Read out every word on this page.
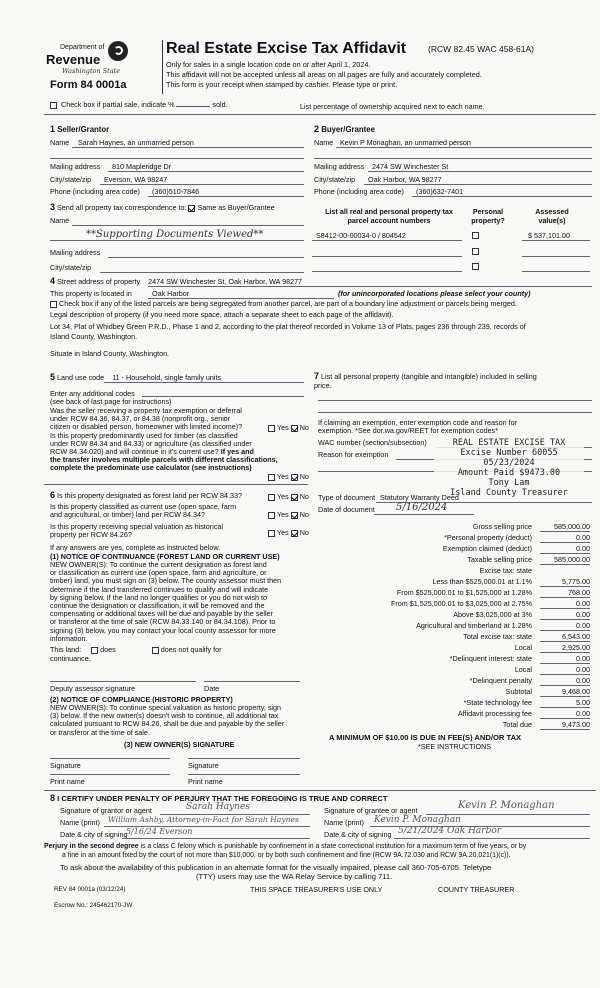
Department of
Revenue
Washington State
Form 84 0001a
Real Estate Excise Tax Affidavit	(RCW 82.45 WAC 458-61A)
Only for sales in a single location code on or after April 1, 2024.
This affidavit will not be accepted unless all areas on all pages are fully and accurately completed.
This form is your receipt when stamped by cashier. Please type or print.
Check box if partial sale, indicate %	sold.	List percentage of ownership acquired next to each name.
1 Seller/Grantor
Name Sarah Haynes, an unmarried person
Mailing address 810 Mapleridge Dr
City/state/zip Everson, WA 98247
Phone (including area code) (360)510-7846
2 Buyer/Grantee
Name Kevin P Monaghan, an unmarried person
Mailing address 2474 SW Winchester St
City/state/zip Oak Harbor, WA 98277
Phone (including area code) (360)632-7401
3 Send all property tax correspondence to: Same as Buyer/Grantee
Name
**Supporting Documents Viewed**
Mailing address
City/state/zip
List all real and personal property tax parcel account numbers
Personal property?
Assessed value(s)
S8412-00-00034-0 / 804542	$ 537,101.00
4 Street address of property 2474 SW Winchester St, Oak Harbor, WA 98277
This property is located in	Oak Harbor	(for unincorporated locations please select your county)
Check box if any of the listed parcels are being segregated from another parcel, are part of a boundary line adjustment or parcels being merged.
Legal description of property (if you need more space, attach a separate sheet to each page of the affidavit).
Lot 34, Plat of Whidbey Green P.R.D., Phase 1 and 2, according to the plat thereof recorded in Volume 13 of Plats, pages 236 through 239, records of
Island County, Washington.
Situate in Island County, Washington.
5 Land use code 11 - Household, single family units
Enter any additional codes
(see back of last page for instructions)
Was the seller receiving a property tax exemption or deferral
under RCW 84.36, 84.37, or 84.38 (nonprofit org., senior
citizen or disabled person, homeowner with limited income)?	Yes No
Is this property predominantly used for timber (as classified
under RCW 84.34 and 84.33) or agriculture (as classified under
RCW 84.34.020) and will continue in it's current use? If yes and
the transfer involves multiple parcels with different classifications,
complete the predominate use calculator (see instructions)
Yes No
6 Is this property designated as forest land per RCW 84.33?	Yes No
Is this property classified as current use (open space, farm
and agricultural, or timber) land per RCW 84.34?	Yes No
Is this property receiving special valuation as historical
property per RCW 84.26?	Yes No
If any answers are yes, complete as instructed below.
(1) NOTICE OF CONTINUANCE (FOREST LAND OR CURRENT USE)
NEW OWNER(S): To continue the current designation as forest land
or classification as current use (open space, farm and agriculture, or
timber) land, you must sign on (3) below. The county assessor must then
determine if the land transferred continues to qualify and will indicate
by signing below. If the land no longer qualifies or you do not wish to
continue the designation or classification, it will be removed and the
compensating or additional taxes will be due and payable by the seller
or transferor at the time of sale (RCW 84.33.140 or 84.34.108). Prior to
signing (3) below, you may contact your local county assessor for more
information.
This land:	does	does not qualify for
continuance.
Deputy assessor signature	Date
(2) NOTICE OF COMPLIANCE (HISTORIC PROPERTY)
NEW OWNER(S): To continue special valuation as historic property, sign
(3) below. If the new owner(s) doesn't wish to continue, all additional tax
calculated pursuant to RCW 84.26, shall be due and payable by the seller
or transferor at the time of sale.
(3) NEW OWNER(S) SIGNATURE
Signature	Signature
Print name	Print name
7 List all personal property (tangible and intangible) included in selling
price.
If claiming an exemption, enter exemption code and reason for
exemption. *See dor.wa.gov/REET for exemption codes*
WAC number (section/subsection)
Reason for exemption
REAL ESTATE EXCISE TAX
Excise Number 60055
05/23/2024
Amount Paid $9473.00
Tony Lam
Island County Treasurer
Type of document Statutory Warranty Deed
Date of document 5/16/2024
Gross selling price	585,000.00
*Personal property (deduct)	0.00
Exemption claimed (deduct)	0.00
Taxable selling price	585,000.00
Excise tax: state
Less than $525,000.01 at 1.1%	5,775.00
From $525,000.01 to $1,525,000 at 1.28%	768.00
From $1,525,000.01 to $3,025,000 at 2.75%	0.00
Above $3,025,000 at 3%	0.00
Agricultural and timberland at 1.28%	0.00
Total excise tax: state	6,543.00
Local	2,925.00
*Delinquent interest: state	0.00
Local	0.00
*Delinquent penalty	0.00
Subtotal	9,468.00
*State technology fee	5.00
Affidavit processing fee	0.00
Total due	9,473.00
A MINIMUM OF $10.00 IS DUE IN FEE(S) AND/OR TAX
*SEE INSTRUCTIONS
8 I CERTIFY UNDER PENALTY OF PERJURY THAT THE FOREGOING IS TRUE AND CORRECT
Signature of grantor or agent	Sarah Haynes
Name (print) William Ashby, Attorney-in-Fact for Sarah Haynes
Date & city of signing
5/16/24 Everson
Signature of grantee or agent	Kevin P. Monaghan
Name (print) Kevin P. Monaghan
Date & city of signing 5/21/2024 Oak Harbor
Perjury in the second degree is a class C felony which is punishable by confinement in a state correctional institution for a maximum term of five years, or by
a fine in an amount fixed by the court of not more than $10,000, or by both such confinement and fine (RCW 9A.72.030 and RCW 9A.20.021(1)(c)).
To ask about the availability of this publication in an alternate format for the visually impaired, please call 360-705-6705. Teletype
(TTY) users may use the WA Relay Service by calling 711.
REV 84 0001a (03/12/24)	THIS SPACE TREASURER'S USE ONLY	COUNTY TREASURER
Escrow No.: 245462170-JW
